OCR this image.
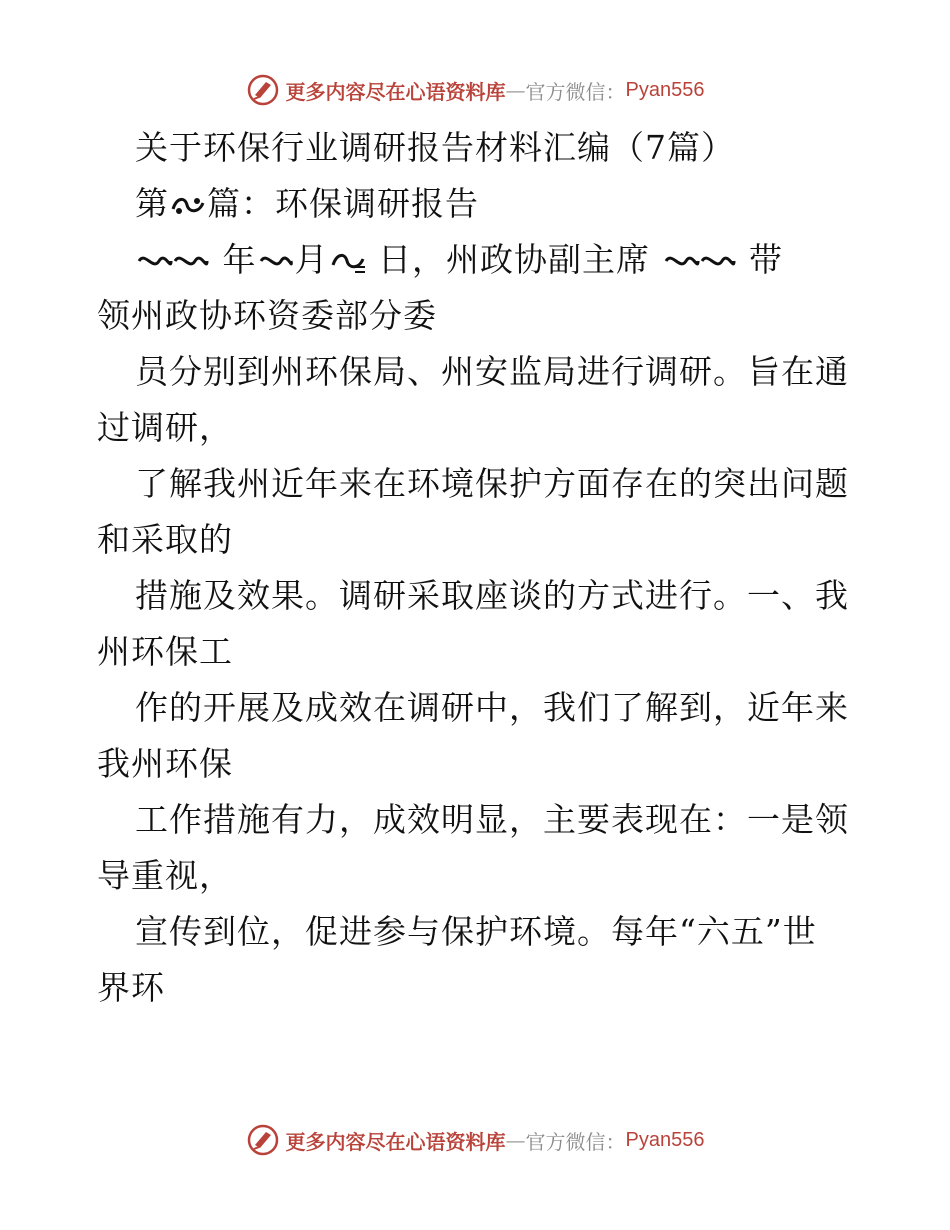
更多内容尽在心语资料库 — 官方微信： Pyan556
关于环保行业调研报告材料汇编（7篇）
第 篇：环保调研报告
年 月 日，州政协副主席	带
领州政协环资委部分委
员分别到州环保局、州安监局进行调研。旨在通
过调研，
了解我州近年来在环境保护方面存在的突出问题
和采取的
措施及效果。调研采取座谈的方式进行。一、我
州环保工
作的开展及成效在调研中，我们了解到，近年来
我州环保
工作措施有力，成效明显，主要表现在：一是领
导重视，
宣传到位，促进参与保护环境。每年“六五”世
界环
更多内容尽在心语资料库 — 官方微信： Pyan556
